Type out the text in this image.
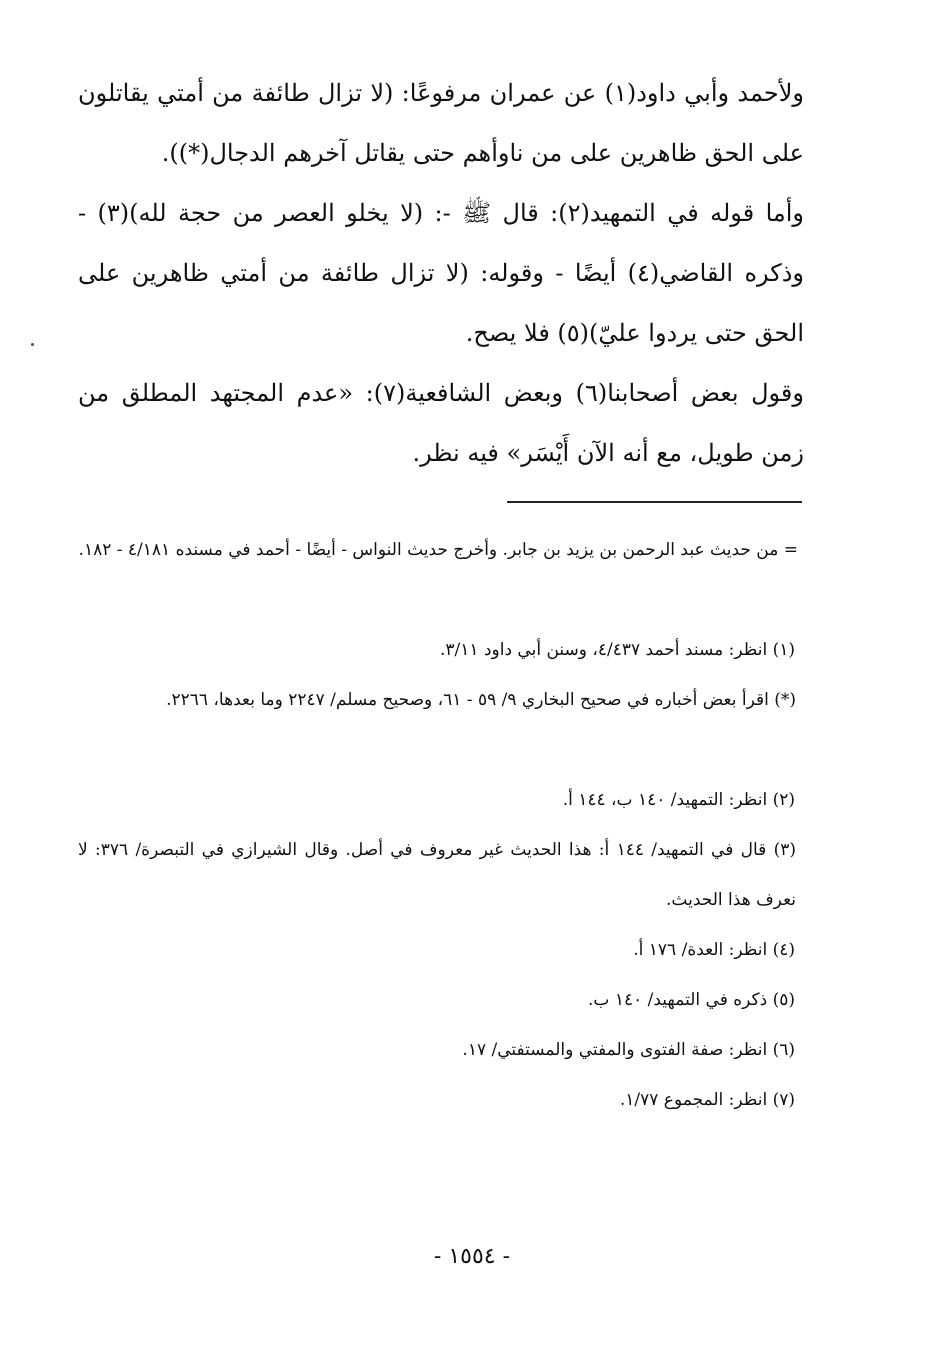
ولأحمد وأبي داود(١) عن عمران مرفوعًا: (لا تزال طائفة من أمتي يقاتلون على الحق ظاهرين على من ناوأهم حتى يقاتل آخرهم الدجال(*)).
وأما قوله في التمهيد(٢): قال ﷺ -: (لا يخلو العصر من حجة لله)(٣) - وذكره القاضي(٤) أيضًا - وقوله: (لا تزال طائفة من أمتي ظاهرين على الحق حتى يردوا عليّ)(٥) فلا يصح.
وقول بعض أصحابنا(٦) وبعض الشافعية(٧): «عدم المجتهد المطلق من زمن طويل، مع أنه الآن أَيْسَر» فيه نظر.
= من حديث عبد الرحمن بن يزيد بن جابر. وأخرج حديث النواس - أيضًا - أحمد في مسنده ٤/١٨١ - ١٨٢.
(١) انظر: مسند أحمد ٤/٤٣٧، وسنن أبي داود ٣/١١.
(*) اقرأ بعض أخباره في صحيح البخاري ٩/ ٥٩ - ٦١، وصحيح مسلم/ ٢٢٤٧ وما بعدها، ٢٢٦٦.
(٢) انظر: التمهيد/ ١٤٠ ب، ١٤٤ أ.
(٣) قال في التمهيد/ ١٤٤ أ: هذا الحديث غير معروف في أصل. وقال الشيرازي في التبصرة/ ٣٧٦: لا نعرف هذا الحديث.
(٤) انظر: العدة/ ١٧٦ أ.
(٥) ذكره في التمهيد/ ١٤٠ ب.
(٦) انظر: صفة الفتوى والمفتي والمستفتي/ ١٧.
(٧) انظر: المجموع ١/٧٧.
- ١٥٥٤ -
